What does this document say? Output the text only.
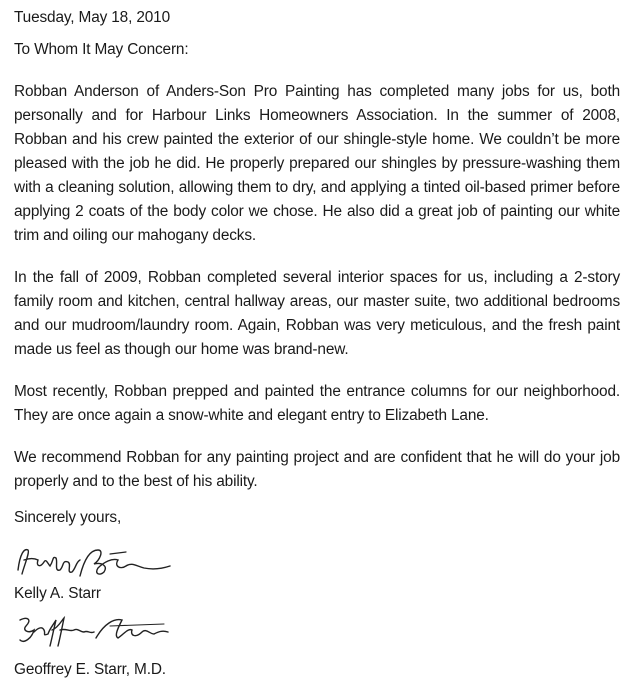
Tuesday, May 18, 2010

To Whom It May Concern:

Robban Anderson of Anders-Son Pro Painting has completed many jobs for us, both personally and for Harbour Links Homeowners Association. In the summer of 2008, Robban and his crew painted the exterior of our shingle-style home. We couldn’t be more pleased with the job he did. He properly prepared our shingles by pressure-washing them with a cleaning solution, allowing them to dry, and applying a tinted oil-based primer before applying 2 coats of the body color we chose. He also did a great job of painting our white trim and oiling our mahogany decks.

In the fall of 2009, Robban completed several interior spaces for us, including a 2-story family room and kitchen, central hallway areas, our master suite, two additional bedrooms and our mudroom/laundry room. Again, Robban was very meticulous, and the fresh paint made us feel as though our home was brand-new.

Most recently, Robban prepped and painted the entrance columns for our neighborhood. They are once again a snow-white and elegant entry to Elizabeth Lane.

We recommend Robban for any painting project and are confident that he will do your job properly and to the best of his ability.

Sincerely yours,

Kelly A. Starr

Geoffrey E. Starr, M.D.
